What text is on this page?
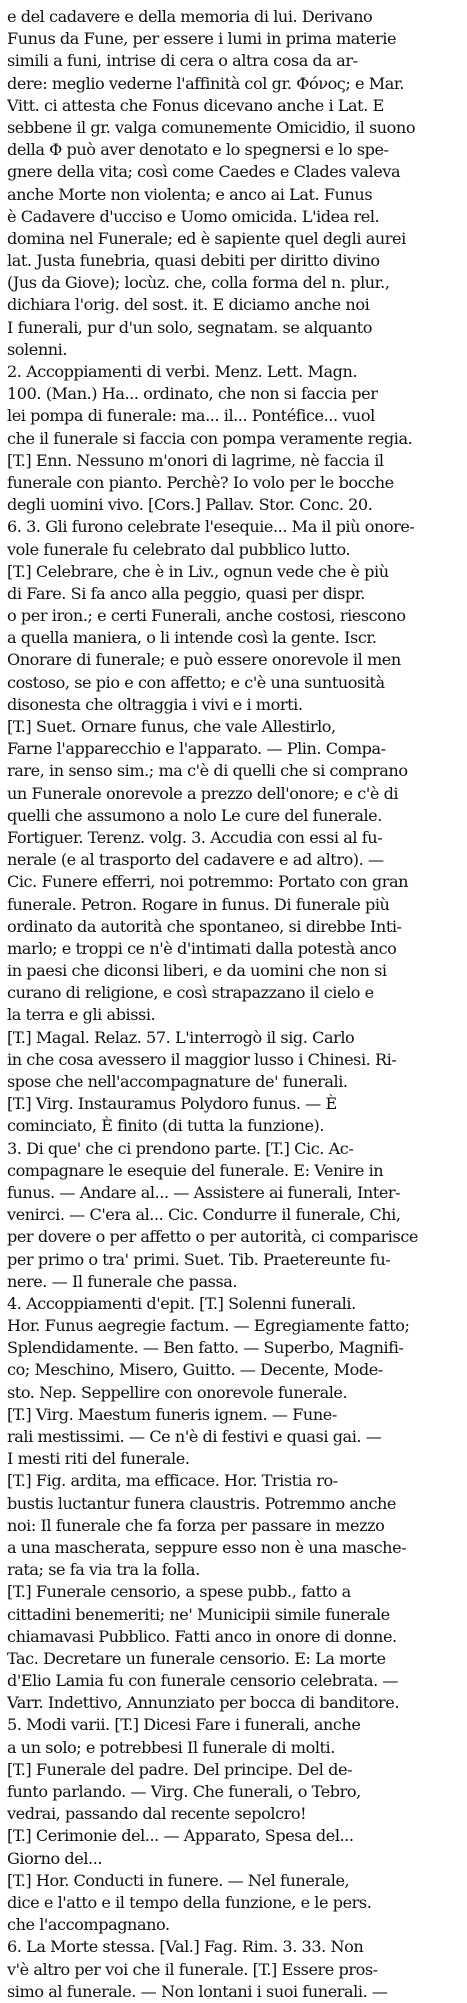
e del cadavere e della memoria di lui. Derivano
Funus da Fune, per essere i lumi in prima materie
simili a funi, intrise di cera o altra cosa da ar-
dere: meglio vederne l'affinità col gr. Φόνος; e Mar.
Vitt. ci attesta che Fonus dicevano anche i Lat. E
sebbene il gr. valga comunemente Omicidio, il suono
della Φ può aver denotato e lo spegnersi e lo spe-
gnere della vita; così come Caedes e Clades valeva
anche Morte non violenta; e anco ai Lat. Funus
è Cadavere d'ucciso e Uomo omicida. L'idea rel.
domina nel Funerale; ed è sapiente quel degli aurei
lat. Justa funebria, quasi debiti per diritto divino
(Jus da Giove); locùz. che, colla forma del n. plur.,
dichiara l'orig. del sost. it. E diciamo anche noi
I funerali, pur d'un solo, segnatam. se alquanto
solenni.
2. Accoppiamenti di verbi. Menz. Lett. Magn.
100. (Man.) Ha... ordinato, che non si faccia per
lei pompa di funerale: ma... il... Pontéfice... vuol
che il funerale si faccia con pompa veramente regia.
[T.] Enn. Nessuno m'onori di lagrime, nè faccia il
funerale con pianto. Perchè? Io volo per le bocche
degli uomini vivo. [Cors.] Pallav. Stor. Conc. 20.
6. 3. Gli furono celebrate l'esequie... Ma il più onore-
vole funerale fu celebrato dal pubblico lutto.
[T.] Celebrare, che è in Liv., ognun vede che è più
di Fare. Si fa anco alla peggio, quasi per dispr.
o per iron.; e certi Funerali, anche costosi, riescono
a quella maniera, o li intende così la gente. Iscr.
Onorare di funerale; e può essere onorevole il men
costoso, se pio e con affetto; e c'è una suntuosità
disonesta che oltraggia i vivi e i morti.
[T.] Suet. Ornare funus, che vale Allestirlo,
Farne l'apparecchio e l'apparato. — Plin. Compa-
rare, in senso sim.; ma c'è di quelli che si comprano
un Funerale onorevole a prezzo dell'onore; e c'è di
quelli che assumono a nolo Le cure del funerale.
Fortiguer. Terenz. volg. 3. Accudia con essi al fu-
nerale (e al trasporto del cadavere e ad altro). —
Cic. Funere efferri, noi potremmo: Portato con gran
funerale. Petron. Rogare in funus. Di funerale più
ordinato da autorità che spontaneo, si direbbe Inti-
marlo; e troppi ce n'è d'intimati dalla potestà anco
in paesi che diconsi liberi, e da uomini che non si
curano di religione, e così strapazzano il cielo e
la terra e gli abissi.
[T.] Magal. Relaz. 57. L'interrogò il sig. Carlo
in che cosa avessero il maggior lusso i Chinesi. Ri-
spose che nell'accompagnature de' funerali.
[T.] Virg. Instauramus Polydoro funus. — È
cominciato, È finito (di tutta la funzione).
3. Di que' che ci prendono parte. [T.] Cic. Ac-
compagnare le esequie del funerale. E: Venire in
funus. — Andare al... — Assistere ai funerali, Inter-
venirci. — C'era al... Cic. Condurre il funerale, Chi,
per dovere o per affetto o per autorità, ci comparisce
per primo o tra' primi. Suet. Tib. Praetereunte fu-
nere. — Il funerale che passa.
4. Accoppiamenti d'epit. [T.] Solenni funerali.
Hor. Funus aegregie factum. — Egregiamente fatto;
Splendidamente. — Ben fatto. — Superbo, Magnifi-
co; Meschino, Misero, Guitto. — Decente, Mode-
sto. Nep. Seppellire con onorevole funerale.
[T.] Virg. Maestum funeris ignem. — Fune-
rali mestissimi. — Ce n'è di festivi e quasi gai. —
I mesti riti del funerale.
[T.] Fig. ardita, ma efficace. Hor. Tristia ro-
bustis luctantur funera claustris. Potremmo anche
noi: Il funerale che fa forza per passare in mezzo
a una mascherata, seppure esso non è una masche-
rata; se fa via tra la folla.
[T.] Funerale censorio, a spese pubb., fatto a
cittadini benemeriti; ne' Municipii simile funerale
chiamavasi Pubblico. Fatti anco in onore di donne.
Tac. Decretare un funerale censorio. E: La morte
d'Elio Lamia fu con funerale censorio celebrata. —
Varr. Indettivo, Annunziato per bocca di banditore.
5. Modi varii. [T.] Dicesi Fare i funerali, anche
a un solo; e potrebbesi Il funerale di molti.
[T.] Funerale del padre. Del principe. Del de-
funto parlando. — Virg. Che funerali, o Tebro,
vedrai, passando dal recente sepolcro!
[T.] Cerimonie del... — Apparato, Spesa del...
Giorno del...
[T.] Hor. Conducti in funere. — Nel funerale,
dice e l'atto e il tempo della funzione, e le pers.
che l'accompagnano.
6. La Morte stessa. [Val.] Fag. Rim. 3. 33. Non
v'è altro per voi che il funerale. [T.] Essere pros-
simo al funerale. — Non lontani i suoi funerali. —
